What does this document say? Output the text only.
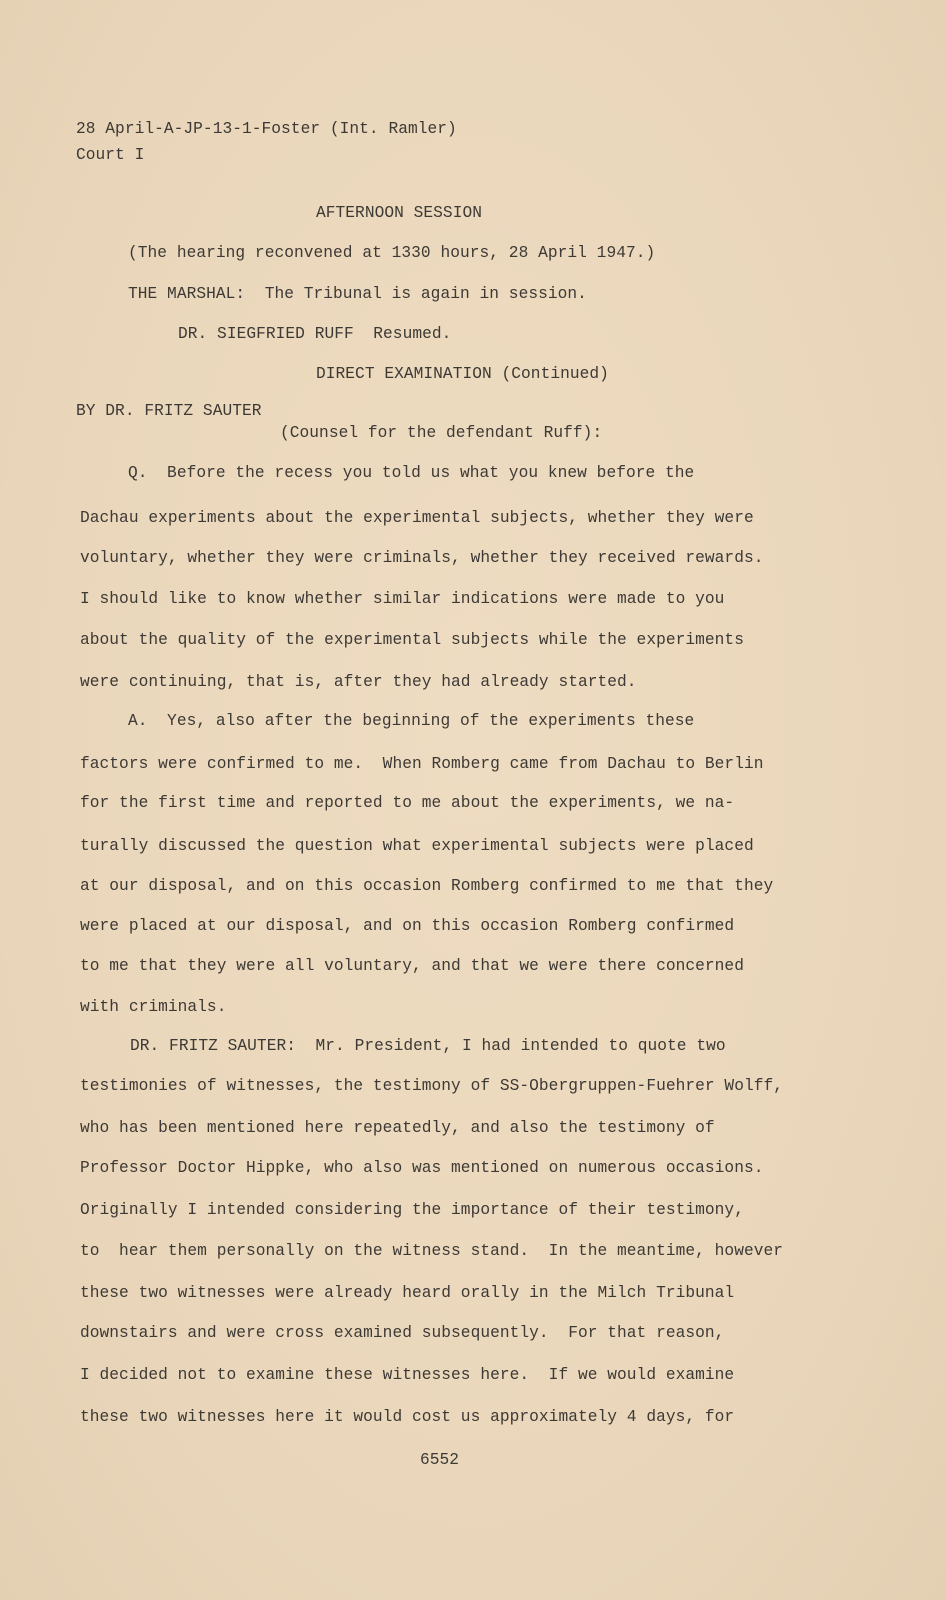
28 April-A-JP-13-1-Foster (Int. Ramler)
Court I
AFTERNOON SESSION
(The hearing reconvened at 1330 hours, 28 April 1947.)
THE MARSHAL:  The Tribunal is again in session.
DR. SIEGFRIED RUFF  Resumed.
DIRECT EXAMINATION (Continued)
BY DR. FRITZ SAUTER
(Counsel for the defendant Ruff):
Q.  Before the recess you told us what you knew before the
Dachau experiments about the experimental subjects, whether they were
voluntary, whether they were criminals, whether they received rewards.
I should like to know whether similar indications were made to you
about the quality of the experimental subjects while the experiments
were continuing, that is, after they had already started.
A.  Yes, also after the beginning of the experiments these
factors were confirmed to me.  When Romberg came from Dachau to Berlin
for the first time and reported to me about the experiments, we na-
turally discussed the question what experimental subjects were placed
at our disposal, and on this occasion Romberg confirmed to me that they
were placed at our disposal, and on this occasion Romberg confirmed
to me that they were all voluntary, and that we were there concerned
with criminals.
DR. FRITZ SAUTER:  Mr. President, I had intended to quote two
testimonies of witnesses, the testimony of SS-Obergruppen-Fuehrer Wolff,
who has been mentioned here repeatedly, and also the testimony of
Professor Doctor Hippke, who also was mentioned on numerous occasions.
Originally I intended considering the importance of their testimony,
to  hear them personally on the witness stand.  In the meantime, however
these two witnesses were already heard orally in the Milch Tribunal
downstairs and were cross examined subsequently.  For that reason,
I decided not to examine these witnesses here.  If we would examine
these two witnesses here it would cost us approximately 4 days, for
6552
